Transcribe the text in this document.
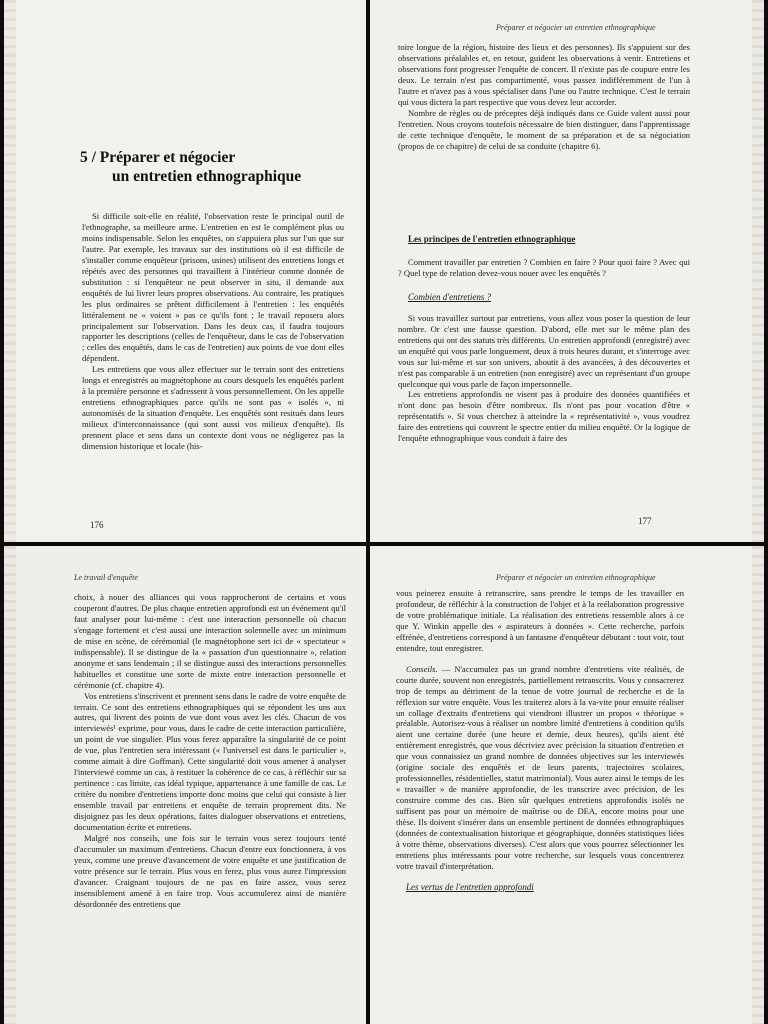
5 / Préparer et négocier
un entretien ethnographique

Si difficile soit-elle en réalité, l'observation reste le principal outil de l'ethnographe, sa meilleure arme. L'entretien en est le complément plus ou moins indispensable. Selon les enquêtes, on s'appuiera plus sur l'un que sur l'autre. Par exemple, les travaux sur des institutions où il est difficile de s'installer comme enquêteur (prisons, usines) utilisent des entretiens longs et répétés avec des personnes qui travaillent à l'intérieur comme donnée de substitution : si l'enquêteur ne peut observer in situ, il demande aux enquêtés de lui livrer leurs propres observations. Au contraire, les pratiques les plus ordinaires se prêtent difficilement à l'entretien : les enquêtés littéralement ne « voient » pas ce qu'ils font ; le travail reposera alors principalement sur l'observation. Dans les deux cas, il faudra toujours rapporter les descriptions (celles de l'enquêteur, dans le cas de l'observation ; celles des enquêtés, dans le cas de l'entretien) aux points de vue dont elles dépendent.

Les entretiens que vous allez effectuer sur le terrain sont des entretiens longs et enregistrés au magnétophone au cours desquels les enquêtés parlent à la première personne et s'adressent à vous personnellement. On les appelle entretiens ethnographiques parce qu'ils ne sont pas « isolés », ni autonomisés de la situation d'enquête. Les enquêtés sont resitués dans leurs milieux d'interconnaissance (qui sont aussi vos milieux d'enquête). Ils prennent place et sens dans un contexte dont vous ne négligerez pas la dimension historique et locale (his-

176
Préparer et négocier un entretien ethnographique

toire longue de la région, histoire des lieux et des personnes). Ils s'appuient sur des observations préalables et, en retour, guident les observations à venir. Entretiens et observations font progresser l'enquête de concert. Il n'existe pas de coupure entre les deux. Le terrain n'est pas compartimenté, vous passez indifféremment de l'un à l'autre et n'avez pas à vous spécialiser dans l'une ou l'autre technique. C'est le terrain qui vous dictera la part respective que vous devez leur accorder.

Nombre de règles ou de préceptes déjà indiqués dans ce Guide valent aussi pour l'entretien. Nous croyons toutefois nécessaire de bien distinguer, dans l'apprentissage de cette technique d'enquête, le moment de sa préparation et de sa négociation (propos de ce chapitre) de celui de sa conduite (chapitre 6).

Les principes de l'entretien ethnographique

Comment travailler par entretien ? Combien en faire ? Pour quoi faire ? Avec qui ? Quel type de relation devez-vous nouer avec les enquêtés ?

Combien d'entretiens ?

Si vous travaillez surtout par entretiens, vous allez vous poser la question de leur nombre. Or c'est une fausse question. D'abord, elle met sur le même plan des entretiens qui ont des statuts très différents. Un entretien approfondi (enregistré) avec un enquêté qui vous parle longuement, deux à trois heures durant, et s'interroge avec vous sur lui-même et sur son univers, aboutit à des avancées, à des découvertes et n'est pas comparable à un entretien (non enregistré) avec un représentant d'un groupe quelconque qui vous parle de façon impersonnelle.

Les entretiens approfondis ne visent pas à produire des données quantifiées et n'ont donc pas besoin d'être nombreux. Ils n'ont pas pour vocation d'être « représentatifs ». Si vous cherchez à atteindre la « représentativité », vous voudrez faire des entretiens qui couvrent le spectre entier du milieu enquêté. Or la logique de l'enquête ethnographique vous conduit à faire des

177
Le travail d'enquête

choix, à nouer des alliances qui vous rapprocheront de certains et vous couperont d'autres. De plus chaque entretien approfondi est un événement qu'il faut analyser pour lui-même : c'est une interaction personnelle où chacun s'engage fortement et c'est aussi une interaction solennelle avec un minimum de mise en scène, de cérémonial (le magnétophone sert ici de « spectateur » indispensable). Il se distingue de la « passation d'un questionnaire », relation anonyme et sans lendemain ; il se distingue aussi des interactions personnelles habituelles et constitue une sorte de mixte entre interaction personnelle et cérémonie (cf. chapitre 4).

Vos entretiens s'inscrivent et prennent sens dans le cadre de votre enquête de terrain. Ce sont des entretiens ethnographiques qui se répondent les uns aux autres, qui livrent des points de vue dont vous avez les clés. Chacun de vos interviewés¹ exprime, pour vous, dans le cadre de cette interaction particulière, un point de vue singulier. Plus vous ferez apparaître la singularité de ce point de vue, plus l'entretien sera intéressant (« l'universel est dans le particulier », comme aimait à dire Goffman). Cette singularité doit vous amener à analyser l'interviewé comme un cas, à restituer la cohérence de ce cas, à réfléchir sur sa pertinence : cas limite, cas idéal typique, appartenance à une famille de cas. Le critère du nombre d'entretiens importe donc moins que celui qui consiste à lier ensemble travail par entretiens et enquête de terrain proprement dits. Ne disjoignez pas les deux opérations, faites dialoguer observations et entretiens, documentation écrite et entretiens.

Malgré nos conseils, une fois sur le terrain vous serez toujours tenté d'accumuler un maximum d'entretiens. Chacun d'entre eux fonctionnera, à vos yeux, comme une preuve d'avancement de votre enquête et une justification de votre présence sur le terrain. Plus vous en ferez, plus vous aurez l'impression d'avancer. Craignant toujours de ne pas en faire assez, vous serez insensiblement amené à en faire trop. Vous accumulerez ainsi de manière désordonnée des entretiens que

Préparer et négocier un entretien ethnographique

vous peinerez ensuite à retranscrire, sans prendre le temps de les travailler en profondeur, de réfléchir à la construction de l'objet et à la reélaboration progressive de votre problématique initiale. La réalisation des entretiens ressemble alors à ce que Y. Winkin appelle des « aspirateurs à données ». Cette recherche, parfois effrénée, d'entretiens correspond à un fantasme d'enquêteur débutant : tout voir, tout entendre, tout enregistrer.

Conseils. — N'accumulez pas un grand nombre d'entretiens vite réalisés, de courte durée, souvent non enregistrés, partiellement retranscrits. Vous y consacrerez trop de temps au détriment de la tenue de votre journal de recherche et de la réflexion sur votre enquête. Vous les traiterez alors à la va-vite pour ensuite réaliser un collage d'extraits d'entretiens qui viendront illustrer un propos « théorique » préalable. Autorisez-vous à réaliser un nombre limité d'entretiens à condition qu'ils aient une certaine durée (une heure et demie, deux heures), qu'ils aient été entièrement enregistrés, que vous décriviez avec précision la situation d'entretien et que vous connaissiez un grand nombre de données objectives sur les interviewés (origine sociale des enquêtés et de leurs parents, trajectoires scolaires, professionnelles, résidentielles, statut matrimonial). Vous aurez ainsi le temps de les « travailler » de manière approfondie, de les transcrire avec précision, de les construire comme des cas. Bien sûr quelques entretiens approfondis isolés ne suffisent pas pour un mémoire de maîtrise ou de DEA, encore moins pour une thèse. Ils doivent s'insérer dans un ensemble pertinent de données ethnographiques (données de contextualisation historique et géographique, données statistiques liées à votre thème, observations diverses). C'est alors que vous pourrez sélectionner les entretiens plus intéressants pour votre recherche, sur lesquels vous concentrerez votre travail d'interprétation.

Les vertus de l'entretien approfondi
